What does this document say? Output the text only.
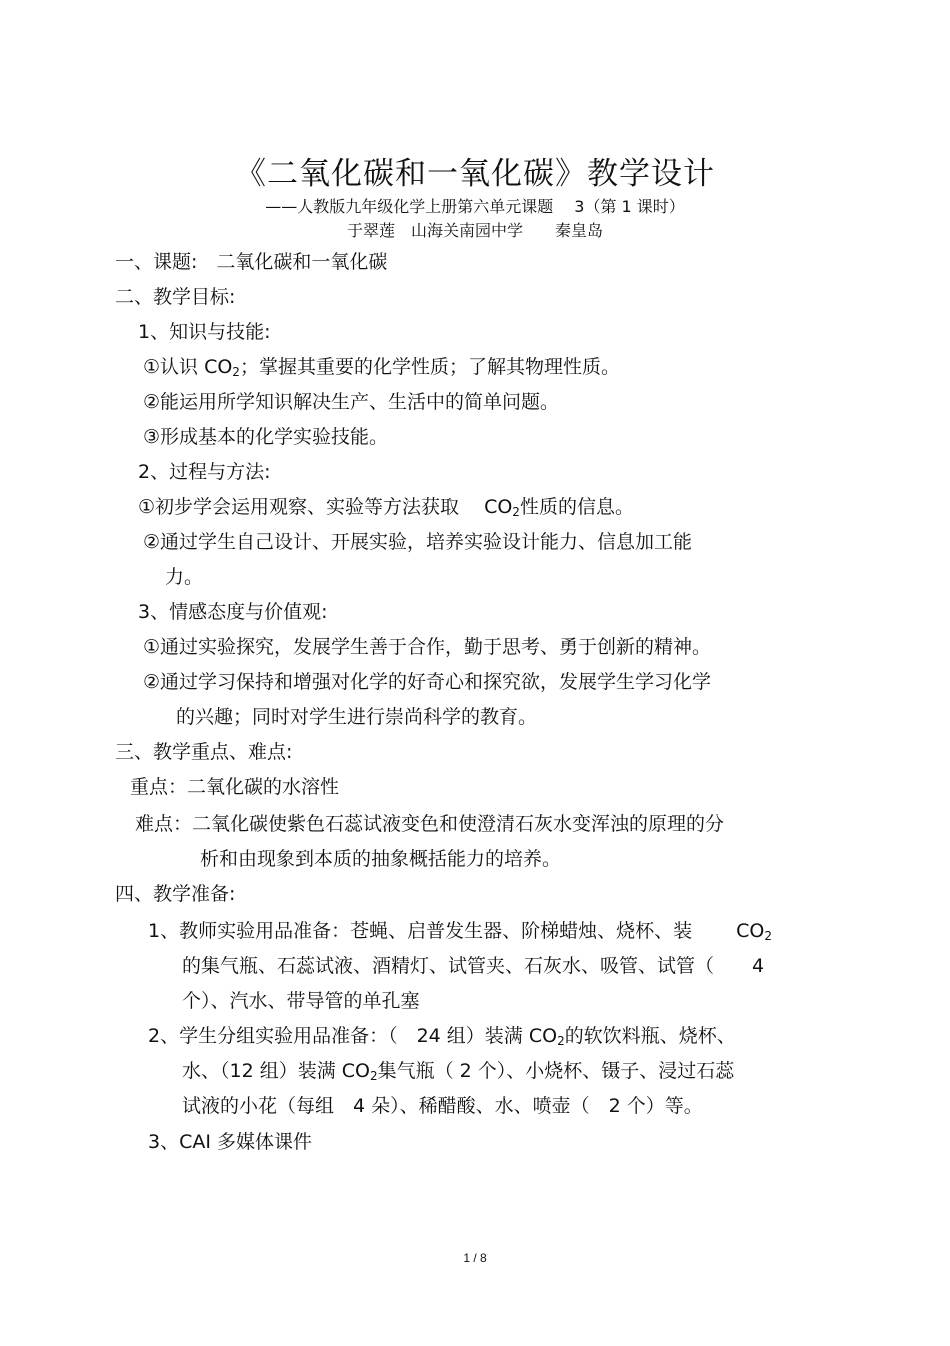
《二氧化碳和一氧化碳》教学设计
——人教版九年级化学上册第六单元课题　 3（第 1 课时）
于翠莲　山海关南园中学　　秦皇岛
一、课题:　二氧化碳和一氧化碳
二、教学目标:
1、知识与技能:
①认识 $CO_2$；掌握其重要的化学性质；了解其物理性质。
②能运用所学知识解决生产、生活中的简单问题。
③形成基本的化学实验技能。
2、过程与方法:
①初步学会运用观察、实验等方法获取　 $CO_2$性质的信息。
②通过学生自己设计、开展实验，培养实验设计能力、信息加工能
力。
3、情感态度与价值观:
①通过实验探究，发展学生善于合作，勤于思考、勇于创新的精神。
②通过学习保持和增强对化学的好奇心和探究欲，发展学生学习化学
的兴趣；同时对学生进行崇尚科学的教育。
三、教学重点、难点:
重点：二氧化碳的水溶性
难点：二氧化碳使紫色石蕊试液变色和使澄清石灰水变浑浊的原理的分
析和由现象到本质的抽象概括能力的培养。
四、教学准备:
1、教师实验用品准备：苍蝇、启普发生器、阶梯蜡烛、烧杯、装　　 $CO_2$
的集气瓶、石蕊试液、酒精灯、试管夹、石灰水、吸管、试管（　　4
个）、汽水、带导管的单孔塞
2、学生分组实验用品准备：（　24 组）装满 $CO_2$的软饮料瓶、烧杯、
水、（12 组）装满 $CO_2$集气瓶（ 2 个）、小烧杯、镊子、浸过石蕊
试液的小花（每组　4 朵）、稀醋酸、水、喷壶（　2 个）等。
3、CAI 多媒体课件
1 / 8
